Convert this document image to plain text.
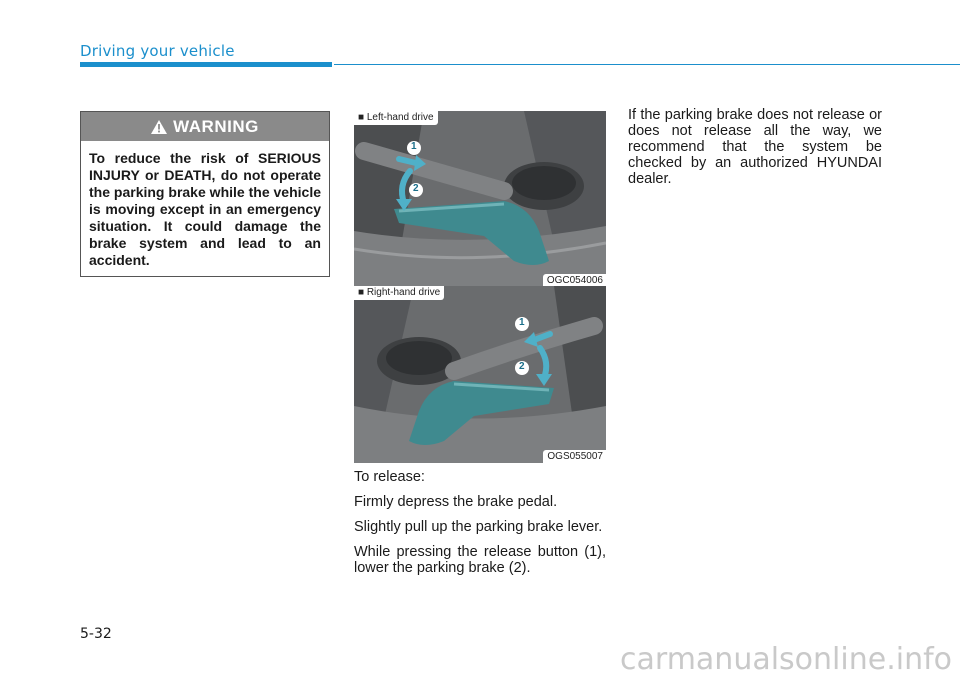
Driving your vehicle
WARNING
To reduce the risk of SERIOUS INJURY or DEATH, do not operate the parking brake while the vehicle is moving except in an emergency situation. It could damage the brake system and lead to an accident.
1
2
■ Left-hand drive
OGC054006
1
2
■ Right-hand drive
OGS055007

To release:

Firmly depress the brake pedal.

Slightly pull up the parking brake lever.

While pressing the release button (1), lower the parking brake (2).

If the parking brake does not release or does not release all the way, we recommend that the system be checked by an authorized HYUNDAI dealer.

5-32
carmanualsonline.info
